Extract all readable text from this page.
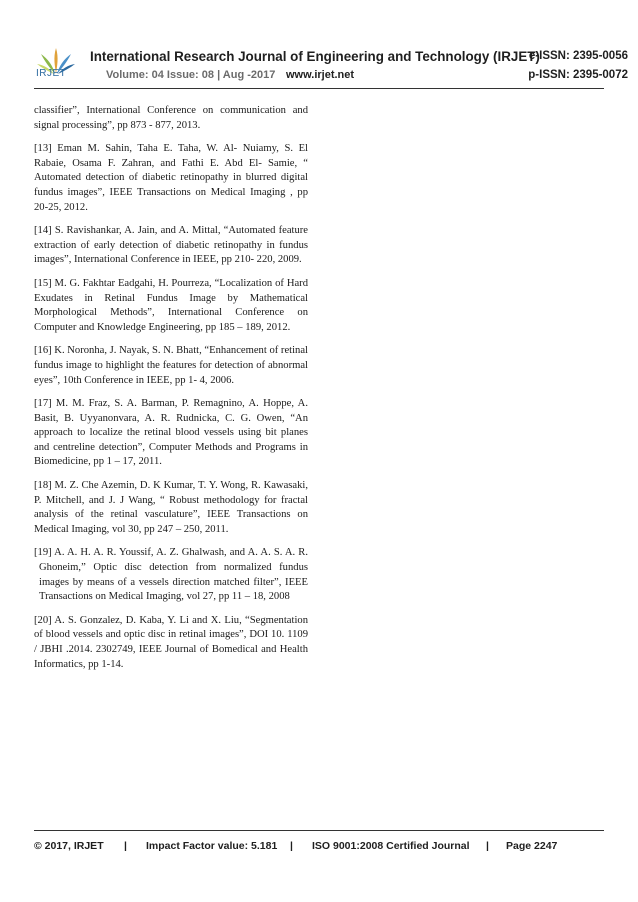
IRJET
International Research Journal of Engineering and Technology (IRJET)
e-ISSN: 2395-0056
Volume: 04 Issue: 08 | Aug -2017 www.irjet.net	p-ISSN: 2395-0072

classifier”, International Conference on communication and signal processing”, pp 873 - 877, 2013.

[13] Eman M. Sahin, Taha E. Taha, W. Al- Nuiamy, S. El Rabaie, Osama F. Zahran, and Fathi E. Abd El- Samie, “ Automated detection of diabetic retinopathy in blurred digital fundus images”, IEEE Transactions on Medical Imaging , pp 20-25, 2012.

[14] S. Ravishankar, A. Jain, and A. Mittal, “Automated feature extraction of early detection of diabetic retinopathy in fundus images”, International Conference in IEEE, pp 210- 220, 2009.

[15] M. G. Fakhtar Eadgahi, H. Pourreza, “Localization of Hard Exudates in Retinal Fundus Image by Mathematical Morphological Methods”, International Conference on Computer and Knowledge Engineering, pp 185 – 189, 2012.

[16] K. Noronha, J. Nayak, S. N. Bhatt, “Enhancement of retinal fundus image to highlight the features for detection of abnormal eyes”, 10th Conference in IEEE, pp 1- 4, 2006.

[17] M. M. Fraz, S. A. Barman, P. Remagnino, A. Hoppe, A. Basit, B. Uyyanonvara, A. R. Rudnicka, C. G. Owen, “An approach to localize the retinal blood vessels using bit planes and centreline detection”, Computer Methods and Programs in Biomedicine, pp 1 – 17, 2011.

[18] M. Z. Che Azemin, D. K Kumar, T. Y. Wong, R. Kawasaki, P. Mitchell, and J. J Wang, “ Robust methodology for fractal analysis of the retinal vasculature”, IEEE Transactions on Medical Imaging, vol 30, pp 247 – 250, 2011.

[19] A. A. H. A. R. Youssif, A. Z. Ghalwash, and A. A. S. A. R. Ghoneim,” Optic disc detection from normalized fundus images by means of a vessels direction matched filter”, IEEE Transactions on Medical Imaging, vol 27, pp 11 – 18, 2008

[20] A. S. Gonzalez, D. Kaba, Y. Li and X. Liu, “Segmentation of blood vessels and optic disc in retinal images”, DOI 10. 1109 / JBHI .2014. 2302749, IEEE Journal of Bomedical and Health Informatics, pp 1-14.

© 2017, IRJET | Impact Factor value: 5.181 | ISO 9001:2008 Certified Journal | Page 2247
